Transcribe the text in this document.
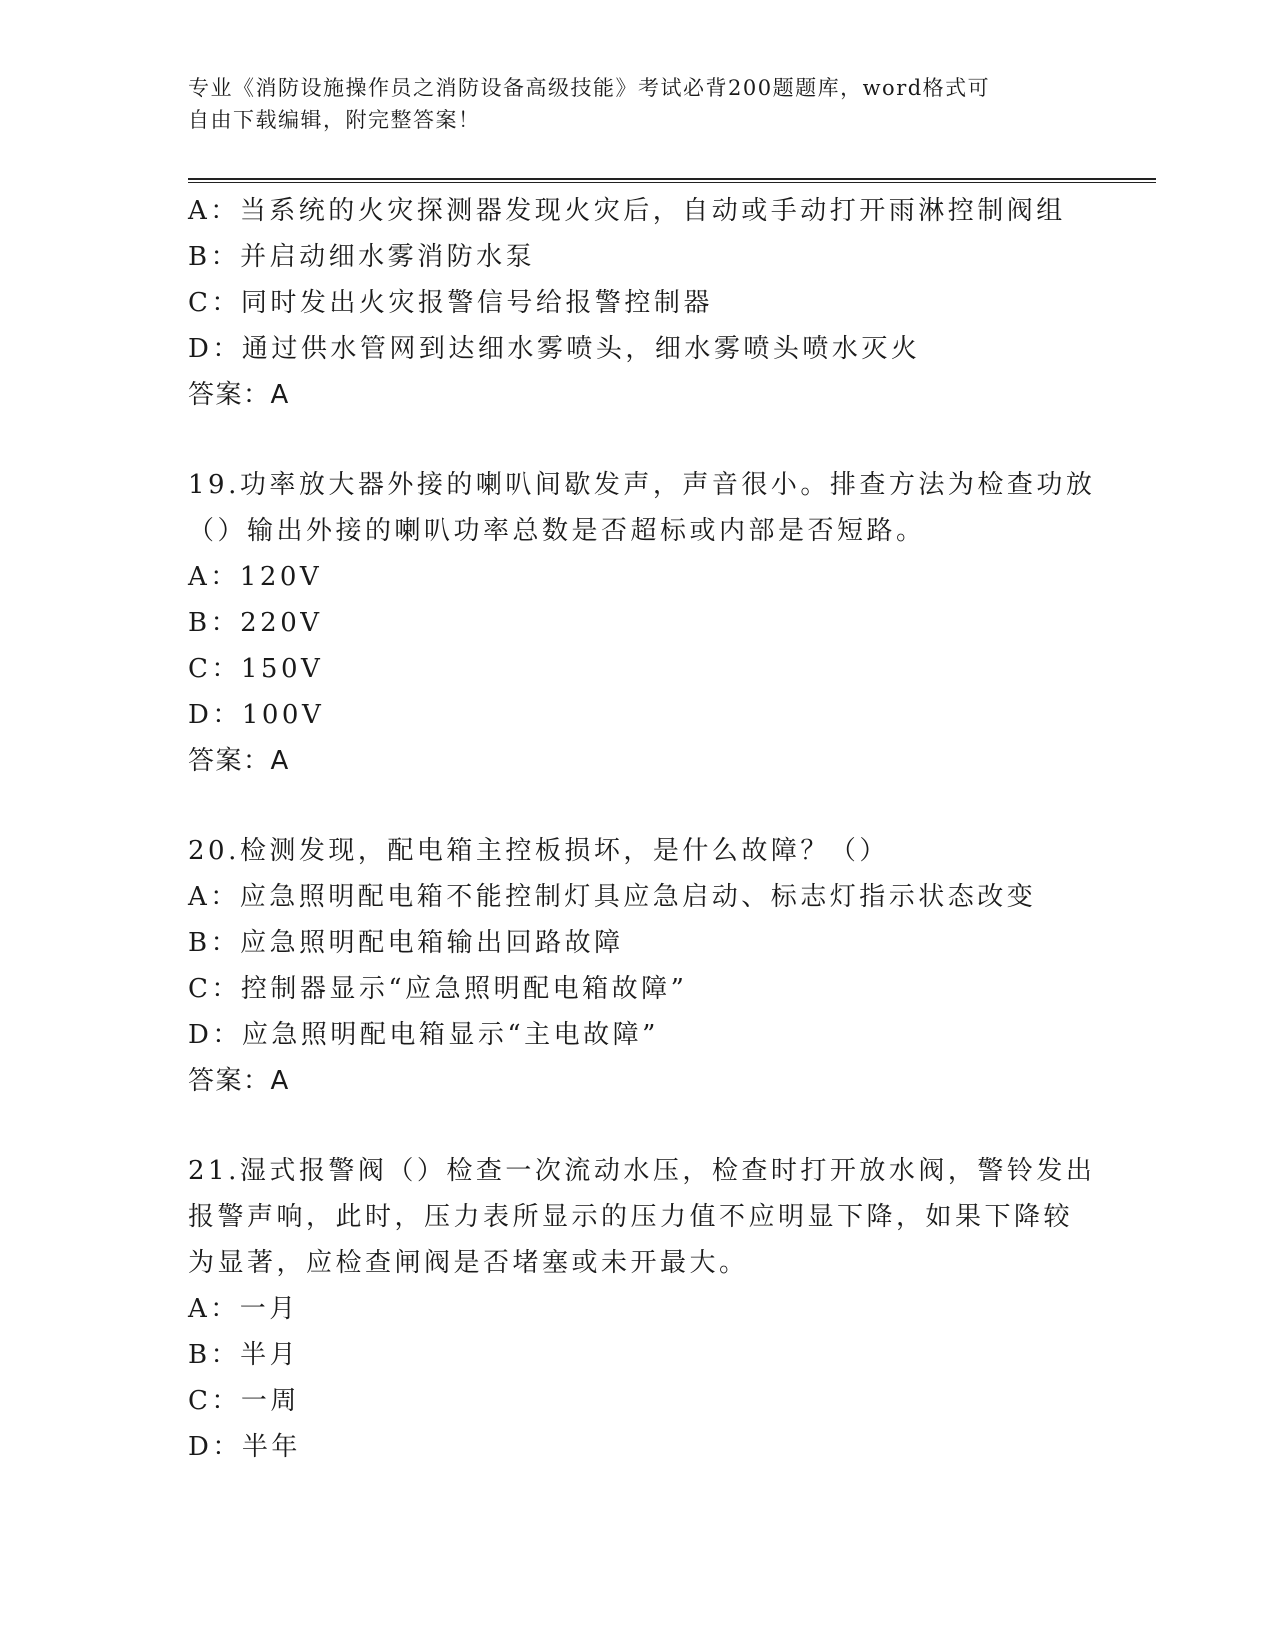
专业《消防设施操作员之消防设备高级技能》考试必背200题题库，word格式可
自由下载编辑，附完整答案！
A：当系统的火灾探测器发现火灾后，自动或手动打开雨淋控制阀组
B：并启动细水雾消防水泵
C：同时发出火灾报警信号给报警控制器
D：通过供水管网到达细水雾喷头，细水雾喷头喷水灭火
答案：A
19.功率放大器外接的喇叭间歇发声，声音很小。排查方法为检查功放
（）输出外接的喇叭功率总数是否超标或内部是否短路。
A：120V
B：220V
C：150V
D：100V
答案：A
20.检测发现，配电箱主控板损坏，是什么故障？（）
A：应急照明配电箱不能控制灯具应急启动、标志灯指示状态改变
B：应急照明配电箱输出回路故障
C：控制器显示“应急照明配电箱故障”
D：应急照明配电箱显示“主电故障”
答案：A
21.湿式报警阀（）检查一次流动水压，检查时打开放水阀，警铃发出
报警声响，此时，压力表所显示的压力值不应明显下降，如果下降较
为显著，应检查闸阀是否堵塞或未开最大。
A：一月
B：半月
C：一周
D：半年
